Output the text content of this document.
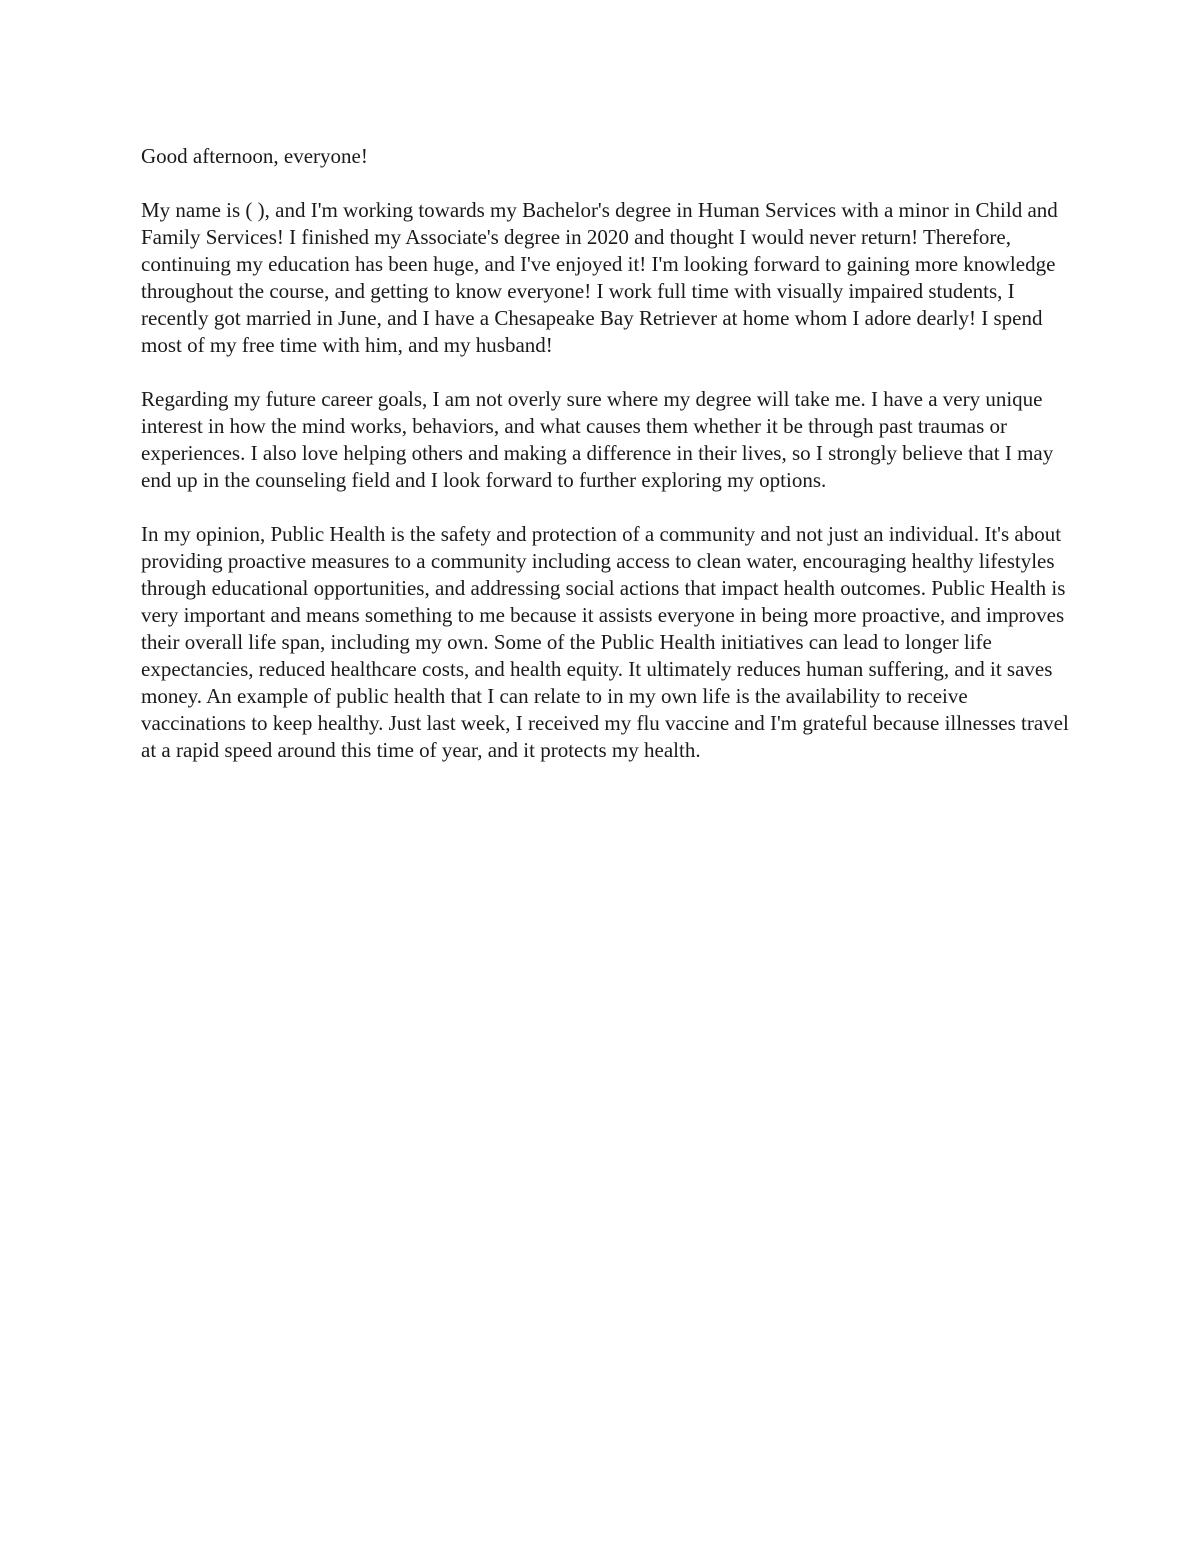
Good afternoon, everyone!

My name is ( ), and I'm working towards my Bachelor's degree in Human Services with a minor in Child and Family Services! I finished my Associate's degree in 2020 and thought I would never return! Therefore, continuing my education has been huge, and I've enjoyed it! I'm looking forward to gaining more knowledge throughout the course, and getting to know everyone! I work full time with visually impaired students, I recently got married in June, and I have a Chesapeake Bay Retriever at home whom I adore dearly! I spend most of my free time with him, and my husband!

Regarding my future career goals, I am not overly sure where my degree will take me. I have a very unique interest in how the mind works, behaviors, and what causes them whether it be through past traumas or experiences. I also love helping others and making a difference in their lives, so I strongly believe that I may end up in the counseling field and I look forward to further exploring my options.

In my opinion, Public Health is the safety and protection of a community and not just an individual. It's about providing proactive measures to a community including access to clean water, encouraging healthy lifestyles through educational opportunities, and addressing social actions that impact health outcomes. Public Health is very important and means something to me because it assists everyone in being more proactive, and improves their overall life span, including my own. Some of the Public Health initiatives can lead to longer life expectancies, reduced healthcare costs, and health equity. It ultimately reduces human suffering, and it saves money. An example of public health that I can relate to in my own life is the availability to receive vaccinations to keep healthy. Just last week, I received my flu vaccine and I'm grateful because illnesses travel at a rapid speed around this time of year, and it protects my health.
